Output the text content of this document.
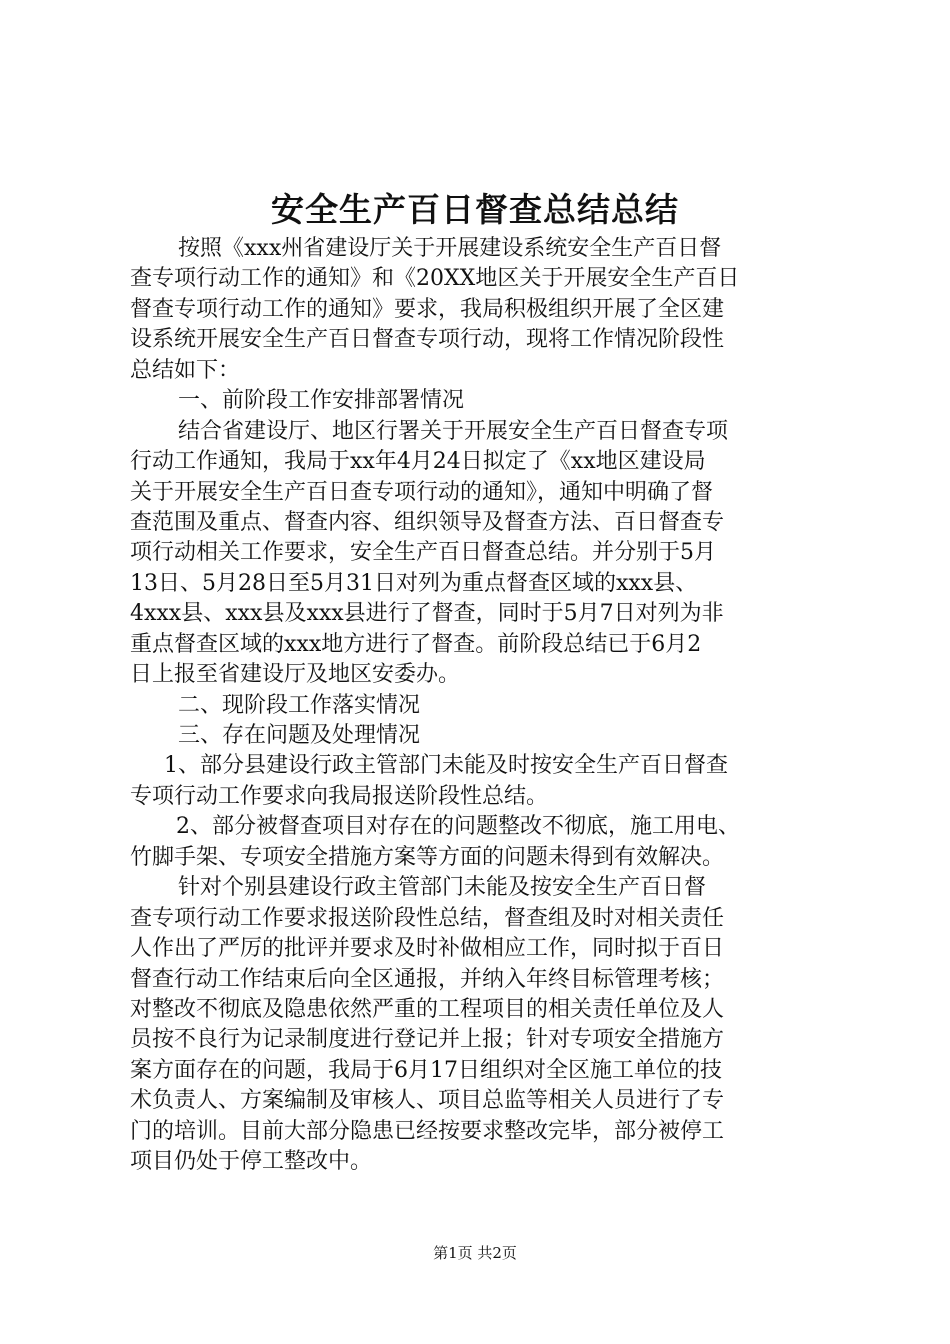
安全生产百日督查总结总结

按照《xxx州省建设厅关于开展建设系统安全生产百日督

查专项行动工作的通知》和《20XX地区关于开展安全生产百日

督查专项行动工作的通知》要求，我局积极组织开展了全区建

设系统开展安全生产百日督查专项行动，现将工作情况阶段性

总结如下：

一、前阶段工作安排部署情况

结合省建设厅、地区行署关于开展安全生产百日督查专项

行动工作通知，我局于xx年4月24日拟定了《xx地区建设局

关于开展安全生产百日查专项行动的通知》，通知中明确了督

查范围及重点、督查内容、组织领导及督查方法、百日督查专

项行动相关工作要求，安全生产百日督查总结。并分别于5月

13日、5月28日至5月31日对列为重点督查区域的xxx县、

4xxx县、xxx县及xxx县进行了督查，同时于5月7日对列为非

重点督查区域的xxx地方进行了督查。前阶段总结已于6月2

日上报至省建设厅及地区安委办。

二、现阶段工作落实情况

三、存在问题及处理情况

1、部分县建设行政主管部门未能及时按安全生产百日督查

专项行动工作要求向我局报送阶段性总结。

2、部分被督查项目对存在的问题整改不彻底，施工用电、

竹脚手架、专项安全措施方案等方面的问题未得到有效解决。

针对个别县建设行政主管部门未能及按安全生产百日督

查专项行动工作要求报送阶段性总结，督查组及时对相关责任

人作出了严厉的批评并要求及时补做相应工作，同时拟于百日

督查行动工作结束后向全区通报，并纳入年终目标管理考核；

对整改不彻底及隐患依然严重的工程项目的相关责任单位及人

员按不良行为记录制度进行登记并上报；针对专项安全措施方

案方面存在的问题，我局于6月17日组织对全区施工单位的技

术负责人、方案编制及审核人、项目总监等相关人员进行了专

门的培训。目前大部分隐患已经按要求整改完毕，部分被停工

项目仍处于停工整改中。

第1页 共2页
